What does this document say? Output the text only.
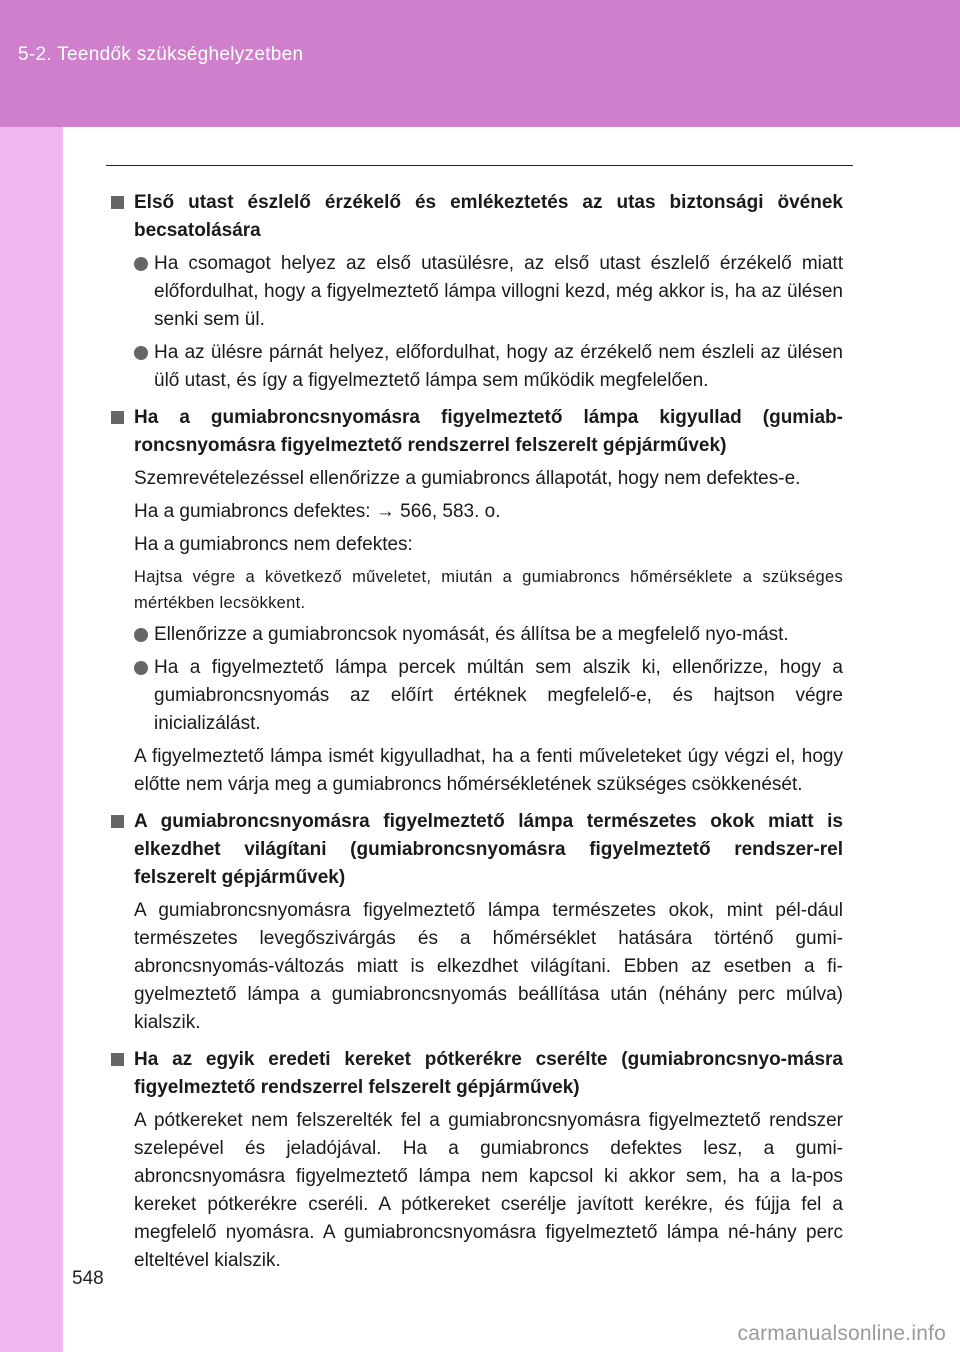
5-2. Teendők szükséghelyzetben
Első utast észlelő érzékelő és emlékeztetés az utas biztonsági övének becsatolására
Ha csomagot helyez az első utasülésre, az első utast észlelő érzékelő miatt előfordulhat, hogy a figyelmeztető lámpa villogni kezd, még akkor is, ha az ülésen senki sem ül.
Ha az ülésre párnát helyez, előfordulhat, hogy az érzékelő nem észleli az ülésen ülő utast, és így a figyelmeztető lámpa sem működik megfelelően.
Ha a gumiabroncsnyomásra figyelmeztető lámpa kigyullad (gumiab-roncsnyomásra figyelmeztető rendszerrel felszerelt gépjárművek)
Szemrevételezéssel ellenőrizze a gumiabroncs állapotát, hogy nem defektes-e.
Ha a gumiabroncs defektes: → 566, 583. o.
Ha a gumiabroncs nem defektes:
Hajtsa végre a következő műveletet, miután a gumiabroncs hőmérséklete a szükséges mértékben lecsökkent.
Ellenőrizze a gumiabroncsok nyomását, és állítsa be a megfelelő nyo-mást.
Ha a figyelmeztető lámpa percek múltán sem alszik ki, ellenőrizze, hogy a gumiabroncsnyomás az előírt értéknek megfelelő-e, és hajtson végre inicializálást.
A figyelmeztető lámpa ismét kigyulladhat, ha a fenti műveleteket úgy végzi el, hogy előtte nem várja meg a gumiabroncs hőmérsékletének szükséges csökkenését.
A gumiabroncsnyomásra figyelmeztető lámpa természetes okok miatt is elkezdhet világítani (gumiabroncsnyomásra figyelmeztető rendszer-rel felszerelt gépjárművek)
A gumiabroncsnyomásra figyelmeztető lámpa természetes okok, mint pél-dául természetes levegőszivárgás és a hőmérséklet hatására történő gumi-abroncsnyomás-változás miatt is elkezdhet világítani. Ebben az esetben a fi-gyelmeztető lámpa a gumiabroncsnyomás beállítása után (néhány perc múlva) kialszik.
Ha az egyik eredeti kereket pótkerékre cserélte (gumiabroncsnyo-másra figyelmeztető rendszerrel felszerelt gépjárművek)
A pótkereket nem felszerelték fel a gumiabroncsnyomásra figyelmeztető rendszer szelepével és jeladójával. Ha a gumiabroncs defektes lesz, a gumi-abroncsnyomásra figyelmeztető lámpa nem kapcsol ki akkor sem, ha a la-pos kereket pótkerékre cseréli. A pótkereket cserélje javított kerékre, és fújja fel a megfelelő nyomásra. A gumiabroncsnyomásra figyelmeztető lámpa né-hány perc elteltével kialszik.
548
carmanualsonline.info
